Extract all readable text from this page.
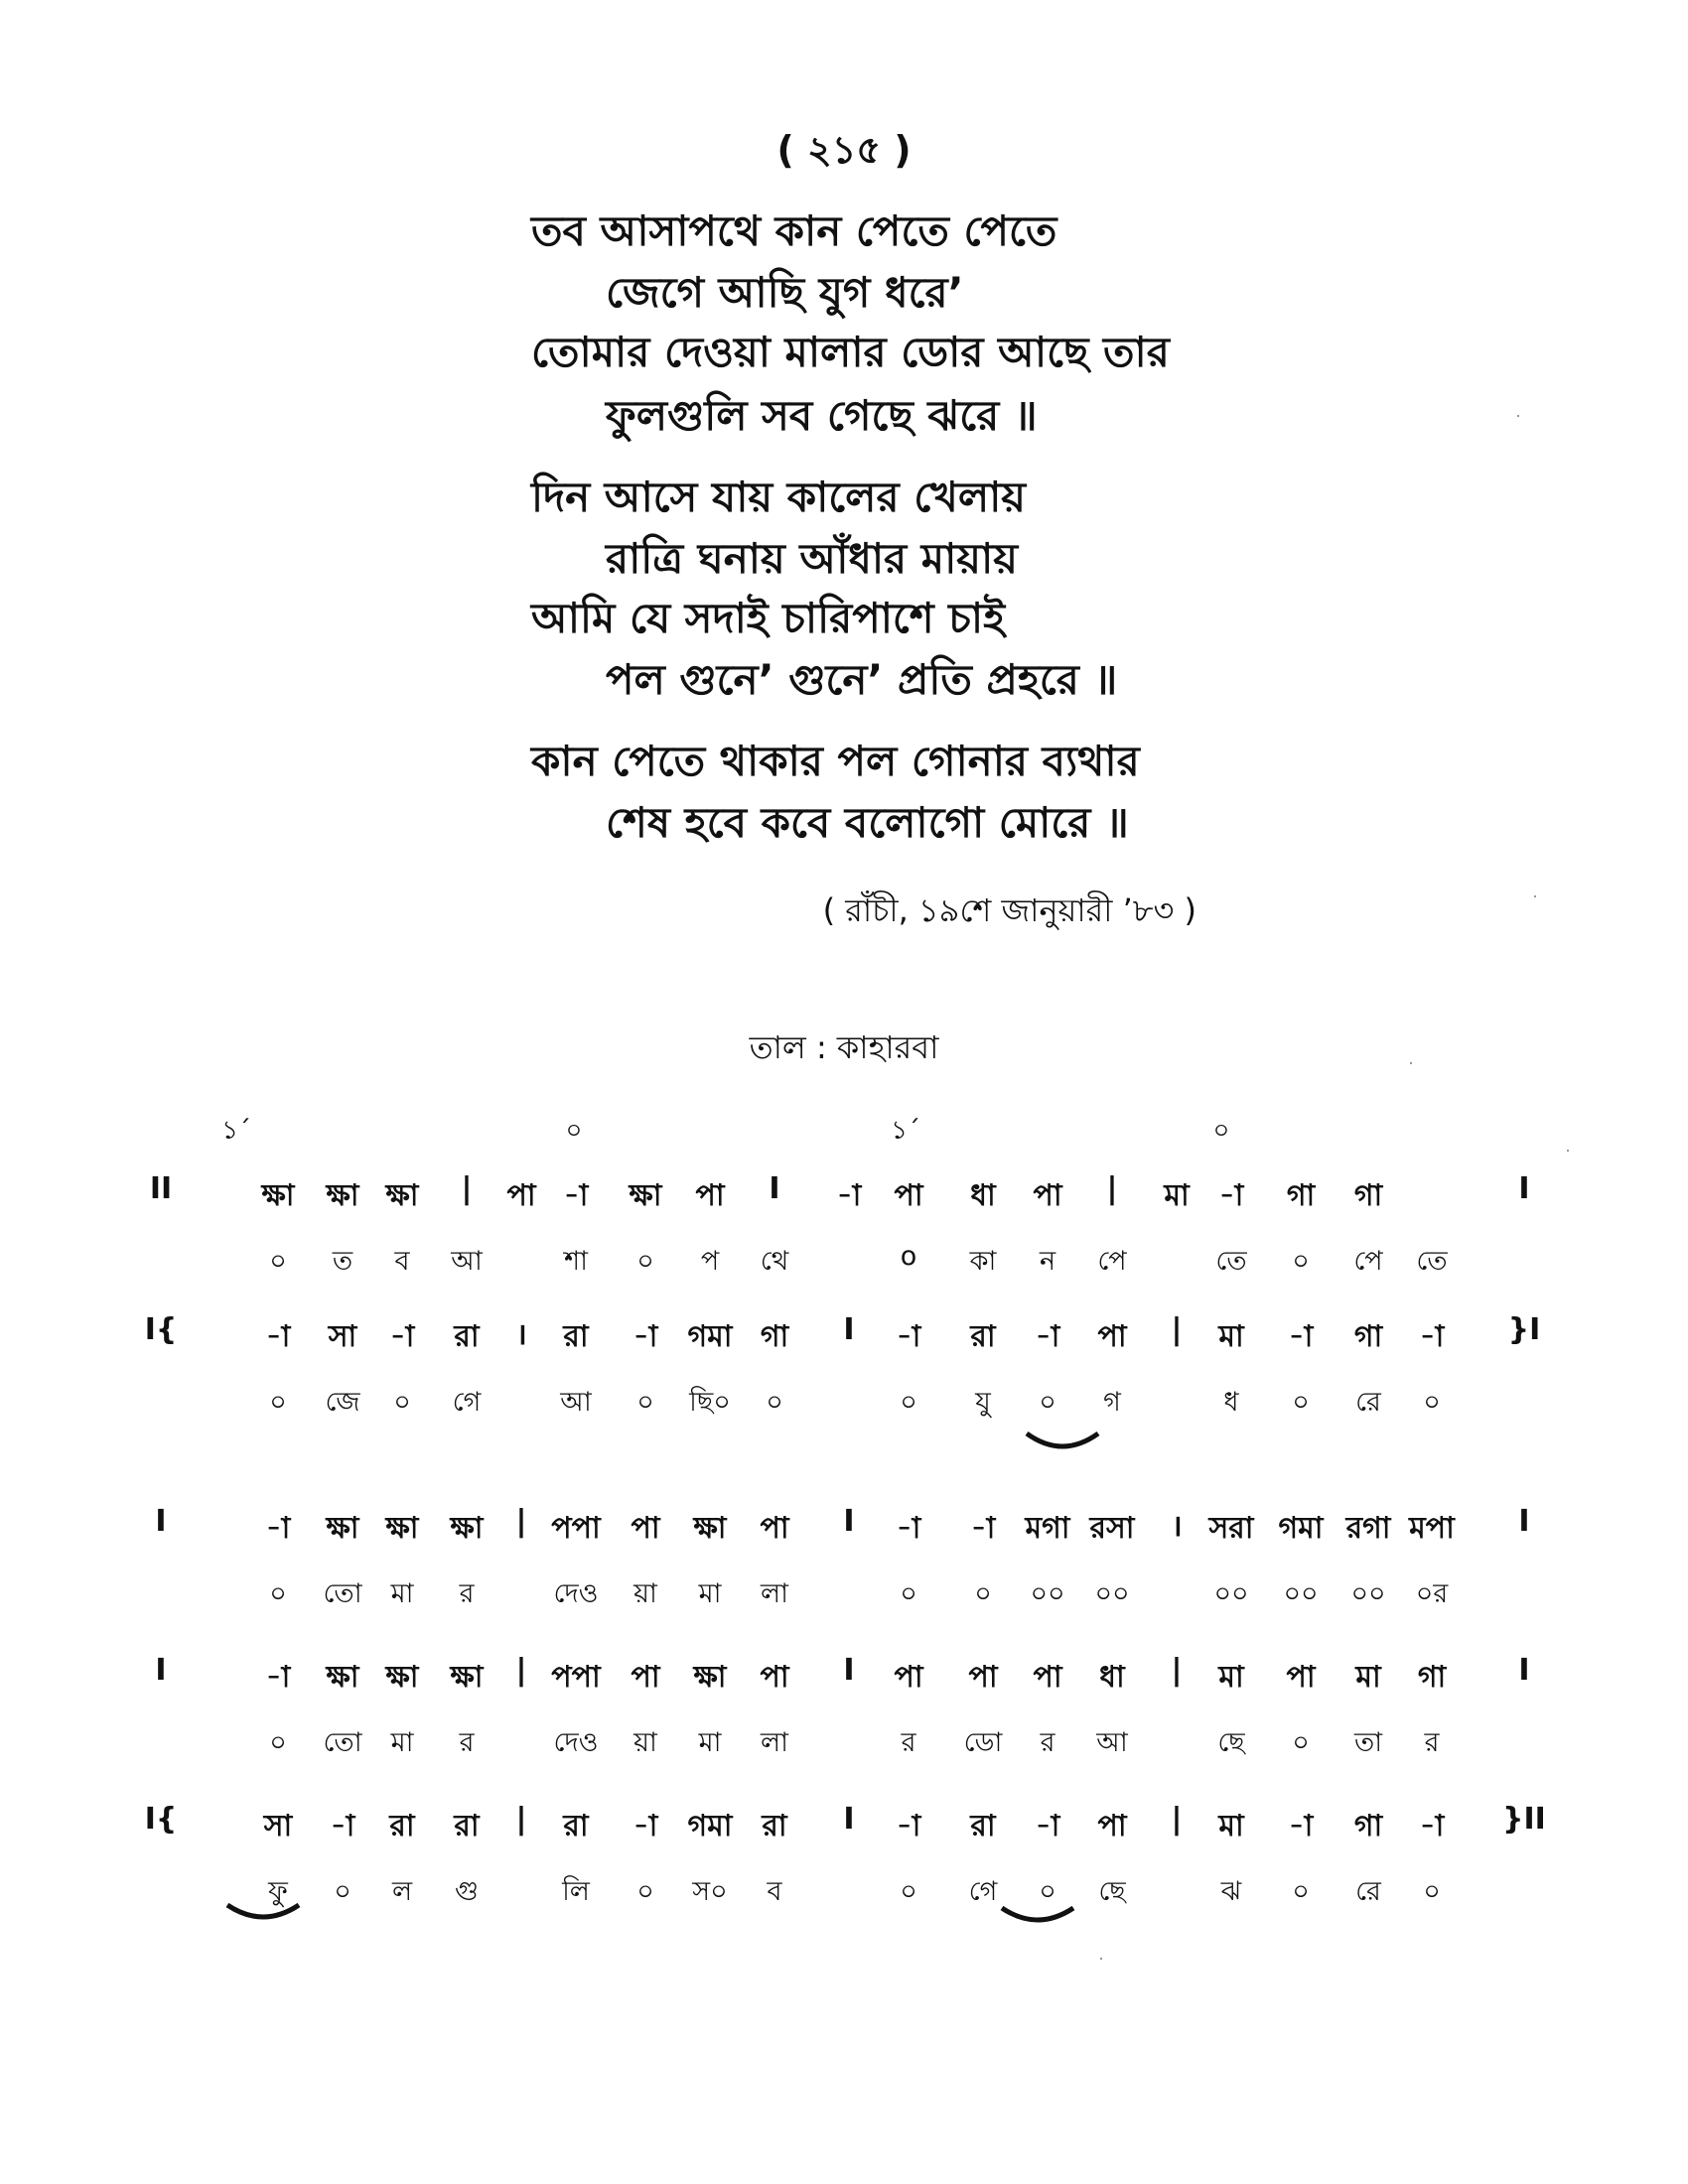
( ২১৫ )
তব আসাপথে কান পেতে পেতে
জেগে আছি যুগ ধরে’
তোমার দেওয়া মালার ডোর আছে তার
ফুলগুলি সব গেছে ঝরে ॥
দিন আসে যায় কালের খেলায়
রাত্রি ঘনায় আঁধার মায়ায়
আমি যে সদাই চারিপাশে চাই
পল গুনে’ গুনে’ প্রতি প্রহরে ॥
কান পেতে থাকার পল গোনার ব্যথার
শেষ হবে কবে বলোগো মোরে ॥
( রাঁচী, ১৯শে জানুয়ারী ’৮৩ )
তাল : কাহারবা
১´	০	১´	০
II	ক্ষা ক্ষা ক্ষা | পা -া ক্ষা পা I -া পা ধা পা | মা -া গা গা	I
০ ত ব আ	শা ০ প থে	o কা ন পে	তে ০ পে তে
I{	-া সা -া রা । রা -া গমা গা I -া রা -া পা | মা -া গা -া }I
০ জে ০ গে	আ ০ ছি০ ০	০ যু ০ গ	ধ ০ রে ০
I	-া ক্ষা ক্ষা ক্ষা | পপা পা ক্ষা পা I -া -া মগা রসা । সরা গমা রগা মপা I
০ তো মা র	দেও য়া মা লা	০ ০ ০০ ০০	০০ ০০ ০০ ০র
I	-া ক্ষা ক্ষা ক্ষা | পপা পা ক্ষা পা I পা পা পা ধা | মা পা মা গা I
০ তো মা র	দেও য়া মা লা	র ডো র আ	ছে ০ তা র
I{	সা -া রা রা | রা -া গমা রা I -া রা -া পা | মা -া গা -া }II
ফু ০ ল গু	লি ০ স০ ব	০ গে ০ ছে	ঝ ০ রে ০
